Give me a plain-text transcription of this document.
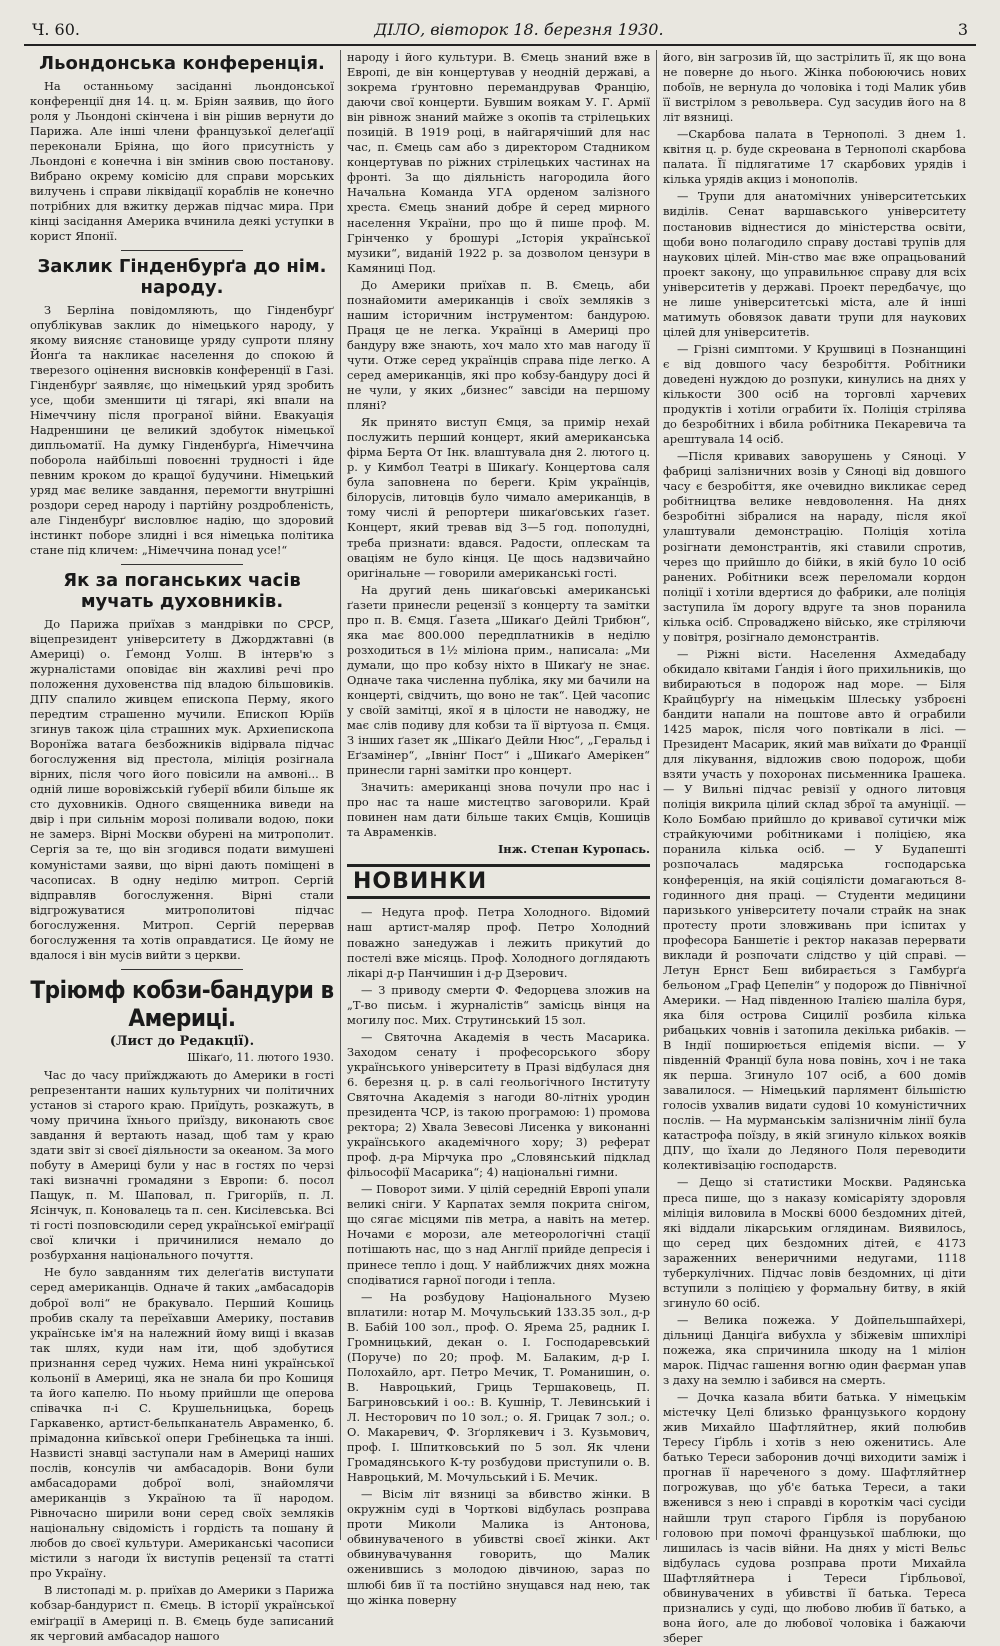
Ч. 60.	ДІЛО, вівторок 18. березня 1930.	3
Льондонська конференція.

На останньому засіданні льондонської конференції дня 14. ц. м. Бріян заявив, що його роля у Льондоні скінчена і він рішив вернути до Парижа. Але інші члени французької делеґації переконали Бріяна, що його присутність у Льондоні є конечна і він змінив свою постанову. Вибрано окрему комісію для справи морських вилучень і справи ліквідації кораблів не конечно потрібних для вжитку держав підчас мира. При кінці засідання Америка вчинила деякі уступки в корист Японії.

Заклик Гінденбурґа до нім. народу.

З Берліна повідомляють, що Гінденбурґ опублікував заклик до німецького народу, у якому виясняє становище уряду супроти пляну Йонґа та накликає населення до спокою й тверезого оцінення висновків конференції в Газі. Гінденбурґ заявляє, що німецький уряд зробить усе, щоби зменшити ці тягарі, які впали на Німеччину після програної війни. Евакуація Надреншини це великий здобуток німецької дипльоматії. На думку Гінденбурґа, Німеччина поборола найбільші повоєнні трудності і йде певним кроком до кращої будучини. Німецький уряд має велике завдання, перемогти внутрішні роздори серед народу і партійну роздробленість, але Гінденбурґ висловлює надію, що здоровий інстинкт поборе злидні і вся німецька політика стане під кличем: „Німеччина понад усе!“

Як за поганських часів мучать духовників.

До Парижа приїхав з мандрівки по СРСР, віцепрезидент університету в Джорджтавні (в Америці) о. Ґемонд Уолш. В інтерв'ю з журналістами оповідає він жахливі речі про положення духовенства під владою більшовиків. ДПУ спалило живцем епископа Перму, якого передтим страшенно мучили. Епископ Юріїв згинув також ціла страшних мук. Архиепископа Воронїжа ватага безбожників відірвала підчас богослуження від престола, міліція розігнала вірних, після чого його повісили на амвоні... В одній лише воровіжській ґуберії вбили більше як сто духовників. Одного священника виведи на двір і при сильнім морозі поливали водою, поки не замерз. Вірні Москви обурені на митрополит. Сергія за те, що він згодився подати вимушені комуністами заяви, що вірні дають поміщені в часописах. В одну неділю митроп. Сергій відправляв богослуження. Вірні стали відгрожуватися митрополитові підчас богослуження. Митроп. Сергій перервав богослуження та хотів оправдатися. Це йому не вдалося і він мусів вийти з церкви.

Тріюмф кобзи-бандури в Америці.
(Лист до Редакції).
Шікаґо, 11. лютого 1930.

Час до часу приїжджають до Америки в гості репрезентанти наших культурних чи політичних установ зі старого краю. Приїдуть, розкажуть, в чому причина їхнього приїзду, виконають своє завдання й вертають назад, щоб там у краю здати звіт зі своєї діяльности за океаном. За мого побуту в Америці були у нас в гостях по черзі такі визначні громадяни з Европи: б. посол Пащук, п. М. Шаповал, п. Григоріїв, п. Л. Ясінчук, п. Коновалець та п. сен. Кисілевська. Всі ті гості позповсюдили серед української еміґрації свої клички і причинилися немало до розбурхання національного почуття.

Не було завданням тих делеґатів виступати серед американців. Одначе й таких „амбасадорів доброї волі“ не бракувало. Перший Кошиць пробив скалу та переїхавши Америку, поставив українське ім'я на належний йому вищі і вказав так шлях, куди нам іти, щоб здобутися признання серед чужих. Нема нині української кольонії в Америці, яка не знала би про Кошиця та його капелю. По ньому прийшли ще оперова співачка п-і С. Крушельницька, борець Гаркавенко, артист-бельпканатель Авраменко, б. прімадонна київської опери Гребінецька та інші. Назвисті знавці заступали нам в Америці наших послів, консулів чи амбасадорів. Вони були амбасадорами доброї волі, знайомлячи американців з Україною та її народом. Рівночасно ширили вони серед своїх земляків національну свідомість і гордість та пошану й любов до своєї культури. Американські часописи містили з нагоди їх виступів рецензії та статті про Україну.

В листопаді м. р. приїхав до Америки з Парижа кобзар-бандурист п. Ємець. В історії української еміґрації в Америці п. В. Ємець буде записаний як черговий амбасадор нашого

народу і його культури. В. Ємець знаний вже в Европі, де він концертував у неодній державі, а зокрема ґрунтовно перемандрував Францію, даючи свої концерти. Бувшим воякам У. Г. Армії він рівнож знаний майже з окопів та стрілецьких позицій. В 1919 році, в найгарячіший для нас час, п. Ємець сам або з директором Стадником концертував по ріжних стрілецьких частинах на фронті. За що діяльність нагородила його Начальна Команда УГА орденом залізного хреста. Ємець знаний добре й серед мирного населення України, про що й пише проф. М. Грінченко у брошурі „Історія української музики“, виданій 1922 р. за дозволом цензури в Камяниці Под.

До Америки приїхав п. В. Ємець, аби познайомити американців і своїх земляків з нашим історичним інструментом: бандурою. Праця це не легка. Українці в Америці про бандуру вже знають, хоч мало хто мав нагоду її чути. Отже серед українців справа піде легко. А серед американців, які про кобзу-бандуру досі й не чули, у яких „бизнес“ завсіди на першому пляні?

Як принято виступ Ємця, за примір нехай послужить перший концерт, який американська фірма Берта От Інк. влаштувала дня 2. лютого ц. р. у Кимбол Театрі в Шикаґу. Концертова саля була заповнена по береги. Крім українців, білорусів, литовців було чимало американців, в тому числі й репортери шикаґовських ґазет. Концерт, який тревав від 3—5 год. пополудні, треба признати: вдався. Радости, оплескам та оваціям не було кінця. Це щось надзвичайно оригінальне — говорили американські гості.

На другий день шикаґовські американські ґазети принесли рецензії з концерту та замітки про п. В. Ємця. Ґазета „Шикаґо Дейлі Трибюн“, яка має 800.000 передплатників в неділю розходиться в 1½ міліона прим., написала: „Ми думали, що про кобзу ніхто в Шикаґу не знає. Одначе така численна публіка, яку ми бачили на концерті, свідчить, що воно не так“. Цей часопис у своїй замітці, якої я в цілости не наводжу, не має слів подиву для кобзи та її віртуоза п. Ємця. З інших ґазет як „Шікаґо Дейли Нюс“, „Геральд і Еґзамінер“, „Івнінґ Пост“ і „Шикаґо Амерікен“ принесли гарні замітки про концерт.

Значить: американці знова почули про нас і про нас та наше мистецтво заговорили. Край повинен нам дати більше таких Ємців, Кошиців та Авраменків.

Інж. Степан Куропась.
НОВИНКИ

— Недуга проф. Петра Холодного. Відомий наш артист-маляр проф. Петро Холодний поважно занедужав і лежить прикутий до постелі вже місяць. Проф. Холодного доглядають лікарі д-р Панчишин і д-р Дзерович.

— З приводу смерти Ф. Федорцева зложив на „Т-во письм. і журналістів“ замісць вінця на могилу пос. Мих. Струтинський 15 зол.

— Святочна Академія в честь Масарика. Заходом сенату і професорського збору українського університету в Празі відбулася дня 6. березня ц. р. в салі геольогічного Інституту Святочна Академія з нагоди 80-літніх уродин президента ЧСР, із такою програмою: 1) промова ректора; 2) Хвала Зевесові Лисенка у виконанні українського академічного хору; 3) реферат проф. д-ра Мірчука про „Словянський підклад фільософії Масарика“; 4) національні гимни.

— Поворот зими. У цілій середній Европі упали великі сніги. У Карпатах земля покрита снігом, що сягає місцями пів метра, а навіть на метер. Ночами є морози, але метеорологічні стації потішають нас, що з над Англії прийде депресія і принесе тепло і дощ. У найближчих днях можна сподіватися гарної погоди і тепла.

— На розбудову Національного Музею вплатили: нотар М. Мочульський 133.35 зол., д-р В. Бабій 100 зол., проф. О. Ярема 25, радник І. Громницький, декан о. І. Господаревський (Поруче) по 20; проф. М. Балаким, д-р І. Полохайло, арт. Петро Мечик, Т. Романишин, о. В. Навроцький, Гриць Тершаковець, П. Багриновський і оо.: В. Кушнір, Т. Левинський і Л. Несторович по 10 зол.; о. Я. Грицак 7 зол.; о. О. Макаревич, Ф. Зґорлякевич і З. Кузьмович, проф. І. Шпитковський по 5 зол. Як члени Громадянського К-ту розбудови приступили о. В. Навроцький, М. Мочульський і Б. Мечик.

— Вісім літ вязниці за вбивство жінки. В окружнім суді в Чорткові відбулась розправа проти Миколи Малика із Антонова, обвинуваченого в убивстві своєї жінки. Акт обвинувачування говорить, що Малик оженившись з молодою дівчиною, зараз по шлюбі бив її та постійно знущався над нею, так що жінка поверну

його, він загрозив їй, що застрілить її, як що вона не поверне до нього. Жінка побоюючись нових побоїв, не вернула до чоловіка і тоді Малик убив її вистрілом з револьвера. Суд засудив його на 8 літ вязниці.

—Скарбова палата в Тернополі. З днем 1. квітня ц. р. буде скреована в Тернополі скарбова палата. Її підлягатиме 17 скарбових урядів і кілька урядів акциз і монополів.

— Трупи для анатомічних університетських виділів. Сенат варшавського університету постановив віднестися до міністерства освіти, щоби воно полагодило справу доставі трупів для наукових цілей. Мін-ство має вже опрацьований проект закону, що управильнює справу для всіх університетів у державі. Проект передбачує, що не лише університетські міста, але й інші матимуть обовязок давати трупи для наукових цілей для університетів.

— Грізні симптоми. У Крушвиці в Познанщині є від довшого часу безробіття. Робітники доведені нуждою до розпуки, кинулись на днях у кількости 300 осіб на торговлі харчевих продуктів і хотіли ограбити їх. Поліція стрілява до безробітних і вбила робітника Пекаревича та арештувала 14 осіб.

—Після кривавих заворушень у Сяноці. У фабриці залізничних возів у Сяноці від довшого часу є безробіття, яке очевидно викликає серед робітництва велике невдоволення. На днях безробітні зібралися на нараду, після якої улаштували демонстрацію. Поліція хотіла розігнати демонстрантів, які ставили спротив, через що прийшло до бійки, в якій було 10 осіб ранених. Робітники всеж переломали кордон поліції і хотіли вдертися до фабрики, але поліція заступила їм дорогу вдруге та знов поранила кілька осіб. Спроваджено військо, яке стріляючи у повітря, розігнало демонстрантів.

— Ріжні вісти. Населення Ахмедабаду обкидало квітами Ґандія і його прихильників, що вибираються в подорож над море. — Біля Крайцбурґу на німецькім Шлеську узброєні бандити напали на поштове авто й ограбили 1425 марок, після чого повтікали в лісі. — Президент Масарик, який мав виїхати до Франції для лікування, відложив свою подорож, щоби взяти участь у похоронах письменника Ірашека. — У Вильні підчас ревізії у одного литовця поліція викрила цілий склад зброї та амуніції. — Коло Бомбаю прийшло до кривавої сутички між страйкуючими робітниками і поліцією, яка поранила кілька осіб. — У Будапешті розпочалась мадярська господарська конференція, на якій соціялісти домагаються 8-годинного дня праці. — Студенти медицини паризького університету почали страйк на знак протесту проти зловживань при іспитах у професора Баншетіє і ректор наказав перервати виклади й розпочати слідство у цій справі. — Летун Ернст Беш вибирається з Гамбурґа бельоном „Граф Цепелін“ у подорож до Північної Америки. — Над південною Італією шаліла буря, яка біля острова Сицилії розбила кілька рибацьких човнів і затопила декілька рибаків. — В Індії поширюється епідемія віспи. — У південній Франції була нова повінь, хоч і не така як перша. Згинуло 107 осіб, а 600 домів завалилося. — Німецький парлямент більшістю голосів ухвалив видати судові 10 комуністичних послів. — На мурманськім залізничнім лінії була катастрофа поїзду, в якій згинуло кількох вояків ДПУ, що їхали до Ледяного Поля переводити колективізацію господарств.

— Дещо зі статистики Москви. Радянська преса пише, що з наказу комісаріяту здоровля міліція виловила в Москві 6000 бездомних дітей, які віддали лікарським оглядинам. Виявилось, що серед цих бездомних дітей, є 4173 зараженних венеричними недугами, 1118 туберкулічних. Підчас ловів бездомних, ці діти вступили з поліцією у формальну битву, в якій згинуло 60 осіб.

— Велика пожежа. У Дойпельшпайхері, дільниці Данціґа вибухла у збіжевім шпихлірі пожежа, яка спричинила шкоду на 1 міліон марок. Підчас гашення вогню один фаєрман упав з даху на землю і забився на смерть.

— Дочка казала вбити батька. У німецькім містечку Целі близько французького кордону жив Михайло Шафтляйтнер, який полюбив Тересу Ґірбль і хотів з нею оженитись. Але батько Тереси заборонив дочці виходити заміж і прогнав її нареченого з дому. Шафтляйтнер погрожував, що уб'є батька Тереси, а таки вженився з нею і справді в короткім часі сусіди найшли труп старого Ґірбля із порубаною головою при помочі французької шаблюки, що лишилась із часів війни. На днях у місті Вельс відбулась судова розправа проти Михайла Шафтляйтнера і Тереси Ґірбльової, обвинувачених в убивстві її батька. Тереса признались у суді, що любово любив її батько, а вона його, але до любової чоловіка і бажаючи зберег
